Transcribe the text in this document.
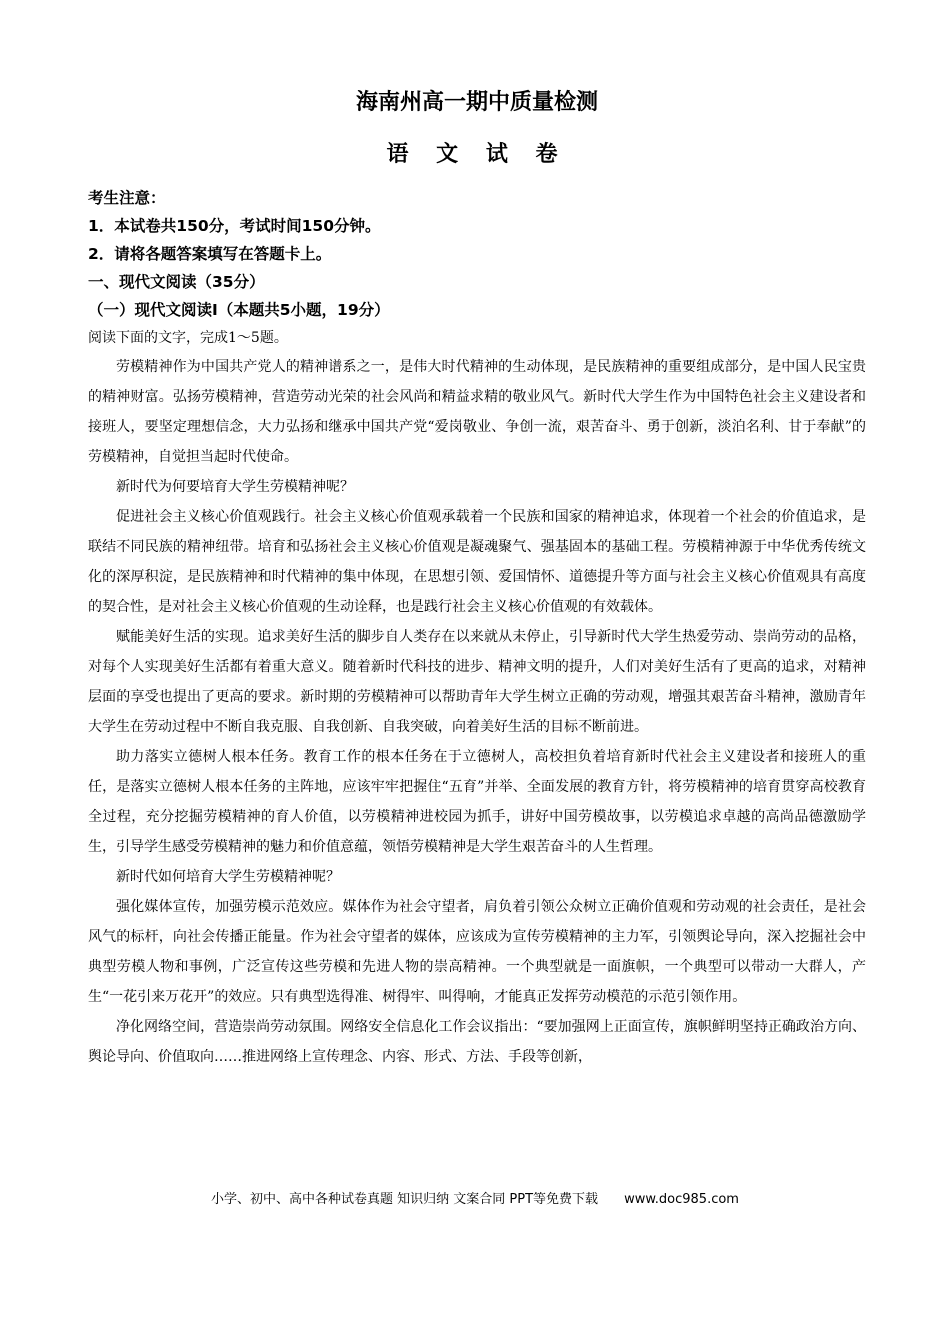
海南州高一期中质量检测
语 文 试 卷
考生注意：
1．本试卷共150分，考试时间150分钟。
2．请将各题答案填写在答题卡上。
一、现代文阅读（35分）
（一）现代文阅读Ⅰ（本题共5小题，19分）
阅读下面的文字，完成1～5题。

劳模精神作为中国共产党人的精神谱系之一，是伟大时代精神的生动体现，是民族精神的重要组成部分，是中国人民宝贵的精神财富。弘扬劳模精神，营造劳动光荣的社会风尚和精益求精的敬业风气。新时代大学生作为中国特色社会主义建设者和接班人，要坚定理想信念，大力弘扬和继承中国共产党“爱岗敬业、争创一流，艰苦奋斗、勇于创新，淡泊名利、甘于奉献”的劳模精神，自觉担当起时代使命。

新时代为何要培育大学生劳模精神呢？

促进社会主义核心价值观践行。社会主义核心价值观承载着一个民族和国家的精神追求，体现着一个社会的价值追求，是联结不同民族的精神纽带。培育和弘扬社会主义核心价值观是凝魂聚气、强基固本的基础工程。劳模精神源于中华优秀传统文化的深厚积淀，是民族精神和时代精神的集中体现，在思想引领、爱国情怀、道德提升等方面与社会主义核心价值观具有高度的契合性，是对社会主义核心价值观的生动诠释，也是践行社会主义核心价值观的有效载体。

赋能美好生活的实现。追求美好生活的脚步自人类存在以来就从未停止，引导新时代大学生热爱劳动、崇尚劳动的品格，对每个人实现美好生活都有着重大意义。随着新时代科技的进步、精神文明的提升，人们对美好生活有了更高的追求，对精神层面的享受也提出了更高的要求。新时期的劳模精神可以帮助青年大学生树立正确的劳动观，增强其艰苦奋斗精神，激励青年大学生在劳动过程中不断自我克服、自我创新、自我突破，向着美好生活的目标不断前进。

助力落实立德树人根本任务。教育工作的根本任务在于立德树人，高校担负着培育新时代社会主义建设者和接班人的重任，是落实立德树人根本任务的主阵地，应该牢牢把握住“五育”并举、全面发展的教育方针，将劳模精神的培育贯穿高校教育全过程，充分挖掘劳模精神的育人价值，以劳模精神进校园为抓手，讲好中国劳模故事，以劳模追求卓越的高尚品德激励学生，引导学生感受劳模精神的魅力和价值意蕴，领悟劳模精神是大学生艰苦奋斗的人生哲理。

新时代如何培育大学生劳模精神呢？

强化媒体宣传，加强劳模示范效应。媒体作为社会守望者，肩负着引领公众树立正确价值观和劳动观的社会责任，是社会风气的标杆，向社会传播正能量。作为社会守望者的媒体，应该成为宣传劳模精神的主力军，引领舆论导向，深入挖掘社会中典型劳模人物和事例，广泛宣传这些劳模和先进人物的崇高精神。一个典型就是一面旗帜，一个典型可以带动一大群人，产生“一花引来万花开”的效应。只有典型选得准、树得牢、叫得响，才能真正发挥劳动模范的示范引领作用。

净化网络空间，营造崇尚劳动氛围。网络安全信息化工作会议指出：“要加强网上正面宣传，旗帜鲜明坚持正确政治方向、舆论导向、价值取向……推进网络上宣传理念、内容、形式、方法、手段等创新，

小学、初中、高中各种试卷真题 知识归纳 文案合同 PPT等免费下载 www.doc985.com
